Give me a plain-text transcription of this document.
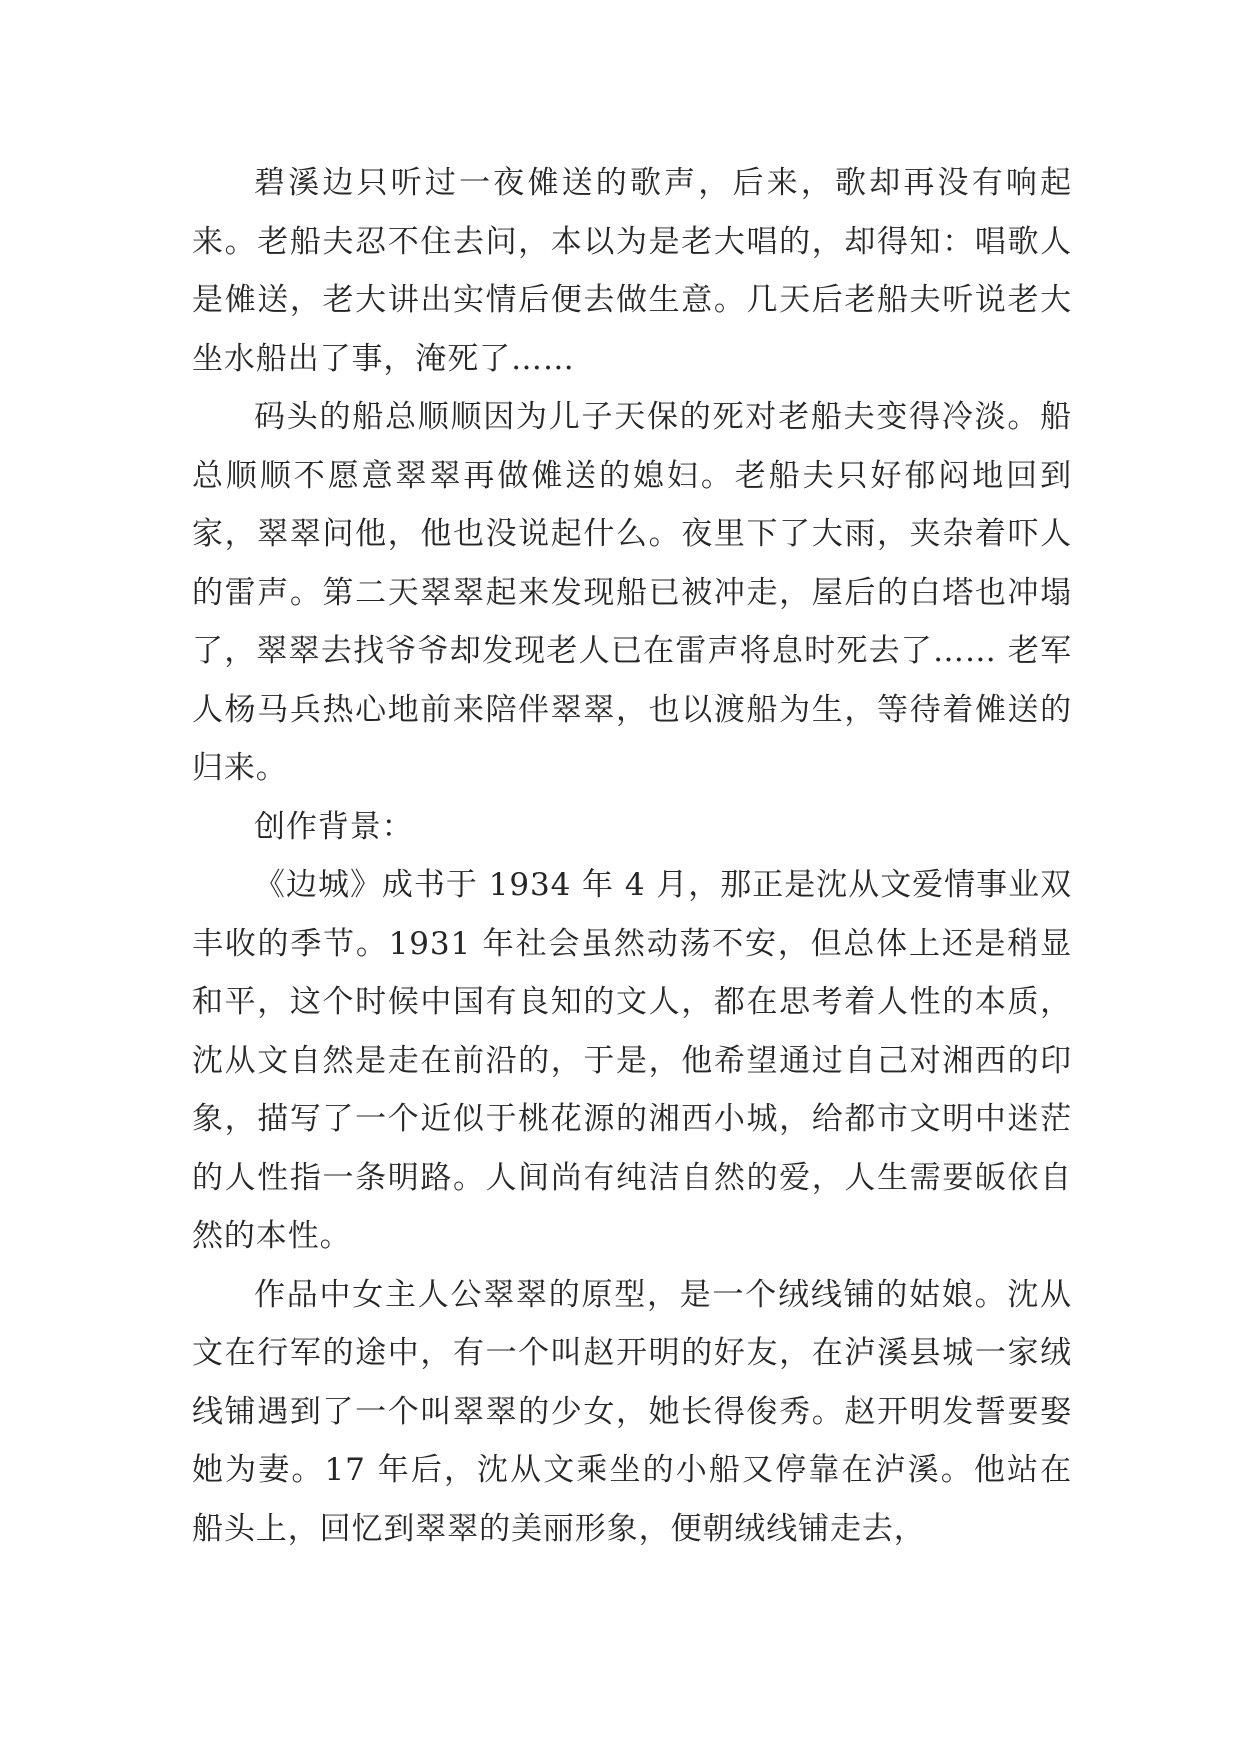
碧溪边只听过一夜傩送的歌声，后来，歌却再没有响起来。老船夫忍不住去问，本以为是老大唱的，却得知：唱歌人是傩送，老大讲出实情后便去做生意。几天后老船夫听说老大坐水船出了事，淹死了……

码头的船总顺顺因为儿子天保的死对老船夫变得冷淡。船总顺顺不愿意翠翠再做傩送的媳妇。老船夫只好郁闷地回到家，翠翠问他，他也没说起什么。夜里下了大雨，夹杂着吓人的雷声。第二天翠翠起来发现船已被冲走，屋后的白塔也冲塌了，翠翠去找爷爷却发现老人已在雷声将息时死去了…… 老军人杨马兵热心地前来陪伴翠翠，也以渡船为生，等待着傩送的归来。

创作背景：

《边城》成书于 1934 年 4 月，那正是沈从文爱情事业双丰收的季节。1931 年社会虽然动荡不安，但总体上还是稍显和平，这个时候中国有良知的文人，都在思考着人性的本质，沈从文自然是走在前沿的，于是，他希望通过自己对湘西的印象，描写了一个近似于桃花源的湘西小城，给都市文明中迷茫的人性指一条明路。人间尚有纯洁自然的爱，人生需要皈依自然的本性。

作品中女主人公翠翠的原型，是一个绒线铺的姑娘。沈从文在行军的途中，有一个叫赵开明的好友，在泸溪县城一家绒线铺遇到了一个叫翠翠的少女，她长得俊秀。赵开明发誓要娶她为妻。17 年后，沈从文乘坐的小船又停靠在泸溪。他站在船头上，回忆到翠翠的美丽形象，便朝绒线铺走去，
